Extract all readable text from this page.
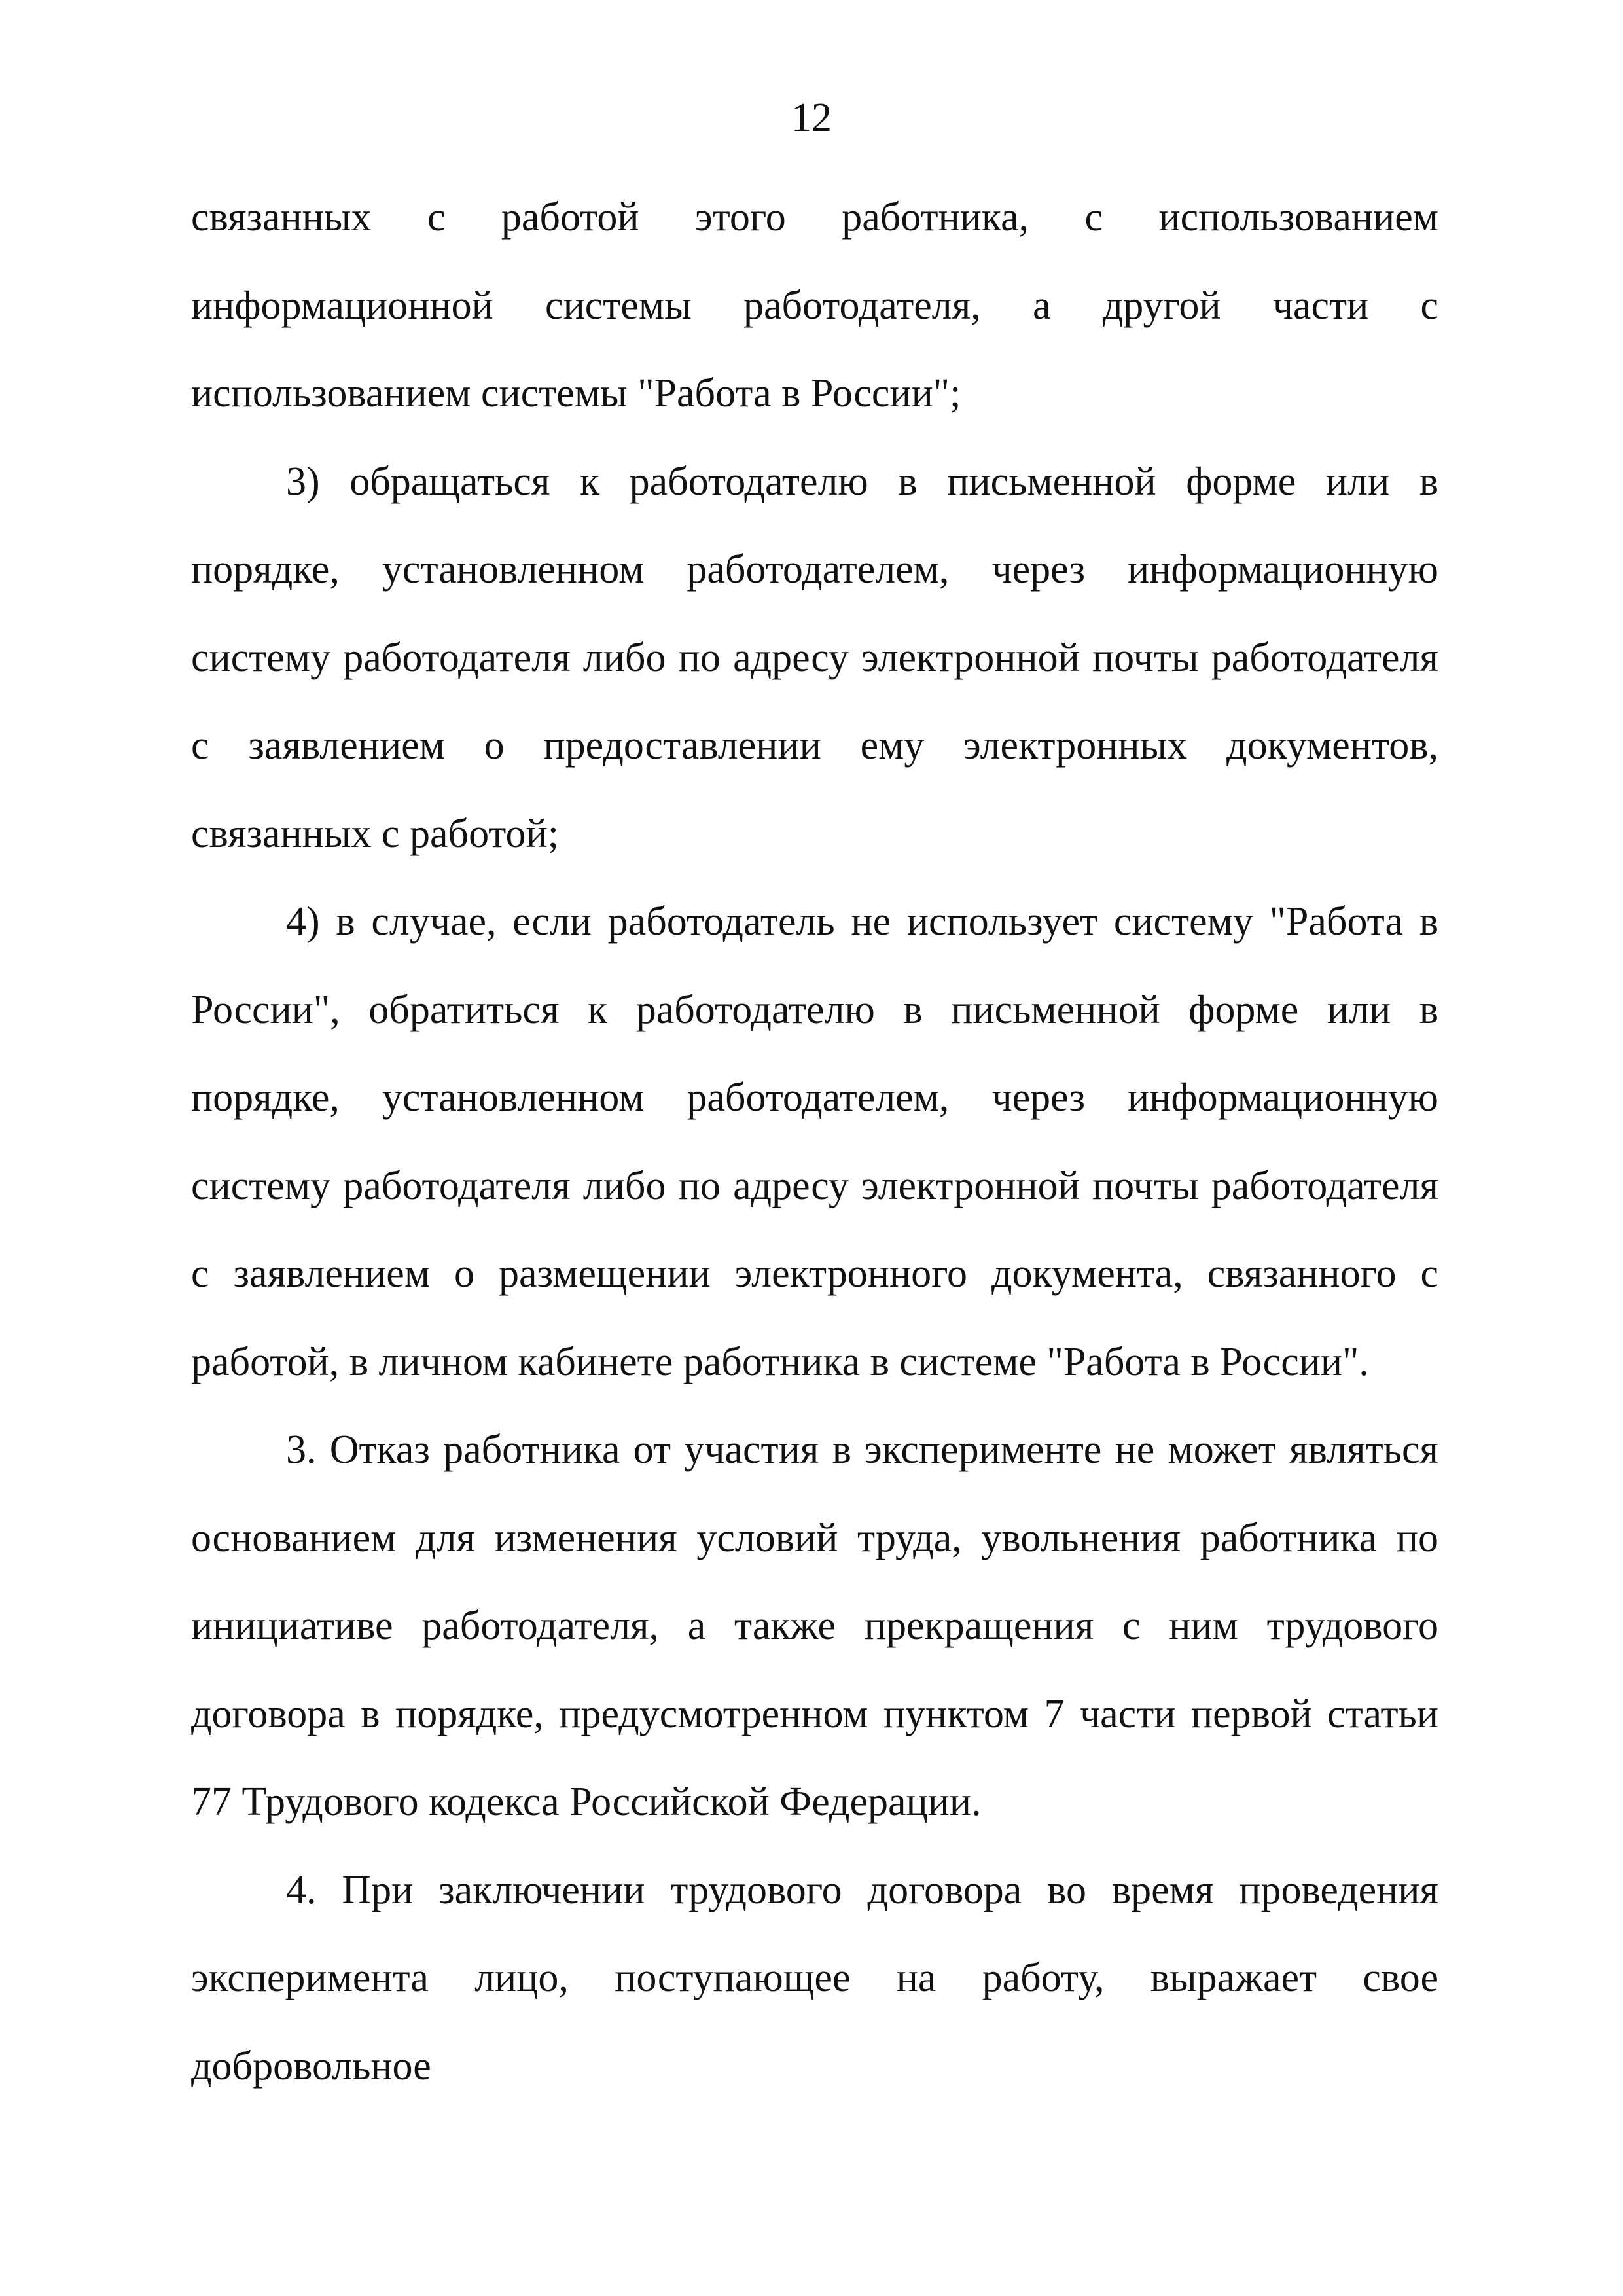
12

связанных с работой этого работника, с использованием информационной системы работодателя, а другой части с использованием системы "Работа в России";

3) обращаться к работодателю в письменной форме или в порядке, установленном работодателем, через информационную систему работодателя либо по адресу электронной почты работодателя с заявлением о предоставлении ему электронных документов, связанных с работой;

4) в случае, если работодатель не использует систему "Работа в России", обратиться к работодателю в письменной форме или в порядке, установленном работодателем, через информационную систему работодателя либо по адресу электронной почты работодателя с заявлением о размещении электронного документа, связанного с работой, в личном кабинете работника в системе "Работа в России".

3. Отказ работника от участия в эксперименте не может являться основанием для изменения условий труда, увольнения работника по инициативе работодателя, а также прекращения с ним трудового договора в порядке, предусмотренном пунктом 7 части первой статьи 77 Трудового кодекса Российской Федерации.

4. При заключении трудового договора во время проведения эксперимента лицо, поступающее на работу, выражает свое добровольное
